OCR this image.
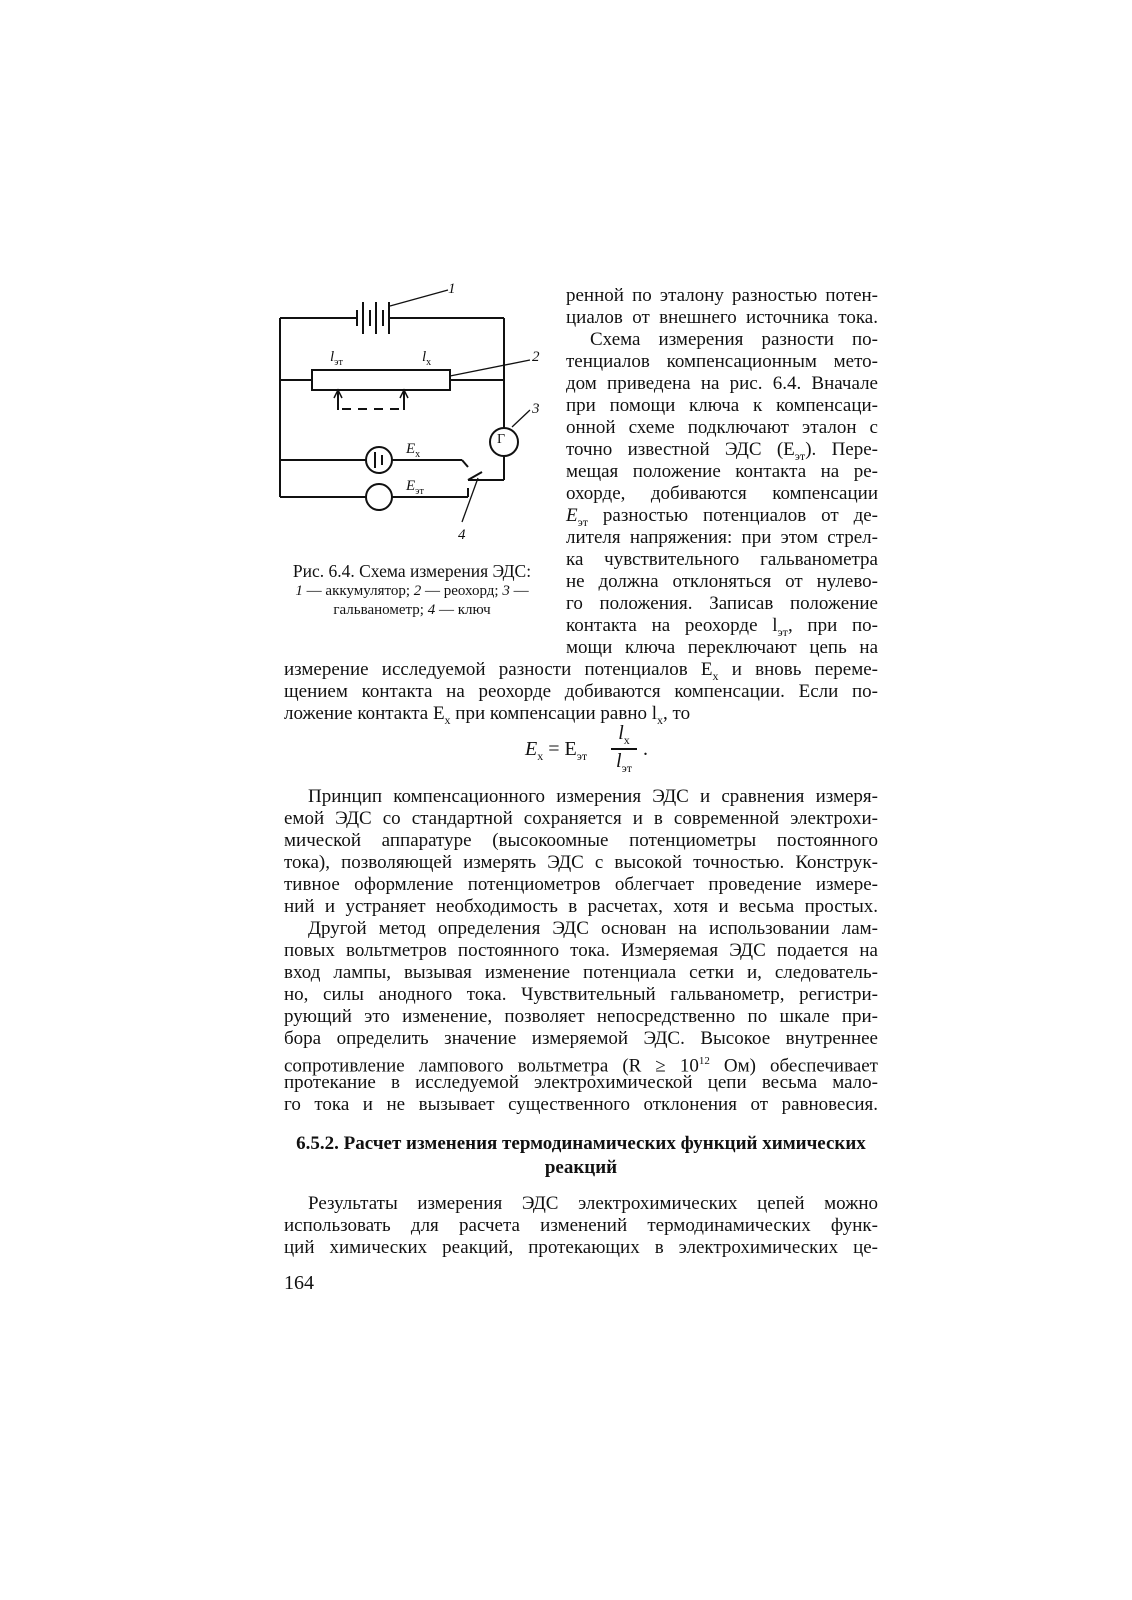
1
2
3
4
$l_{эт}$	$l_x$
$E_x$
$E_{эт}$
Г
Рис. 6.4. Схема измерения ЭДС:
1 — аккумулятор; 2 — реохорд; 3 —
гальванометр; 4 — ключ
ренной по эталону разностью потен-
циалов от внешнего источника тока.
Схема измерения разности по-
тенциалов компенсационным мето-
дом приведена на рис. 6.4. Вначале
при помощи ключа к компенсаци-
онной схеме подключают эталон с
точно известной ЭДС $(E_{эт})$. Пере-
мещая положение контакта на ре-
охорде, добиваются компенсации
$E_{эт}$ разностью потенциалов от де-
лителя напряжения: при этом стрел-
ка чувствительного гальванометра
не должна отклоняться от нулево-
го положения. Записав положение
контакта на реохорде $l_{эт}$, при по-
мощи ключа переключают цепь на
измерение исследуемой разности потенциалов $E_x$ и вновь переме-
щением контакта на реохорде добиваются компенсации. Если по-
ложение контакта $E_x$ при компенсации равно $l_x$, то
$E_x = E_{эт}$
$l_x$
$l_{эт}$
.
Принцип компенсационного измерения ЭДС и сравнения измеря-
емой ЭДС со стандартной сохраняется и в современной электрохи-
мической аппаратуре (высокоомные потенциометры постоянного
тока), позволяющей измерять ЭДС с высокой точностью. Конструк-
тивное оформление потенциометров облегчает проведение измере-
ний и устраняет необходимость в расчетах, хотя и весьма простых.
Другой метод определения ЭДС основан на использовании лам-
повых вольтметров постоянного тока. Измеряемая ЭДС подается на
вход лампы, вызывая изменение потенциала сетки и, следователь-
но, силы анодного тока. Чувствительный гальванометр, регистри-
рующий это изменение, позволяет непосредственно по шкале при-
бора определить значение измеряемой ЭДС. Высокое внутреннее
сопротивление лампового вольтметра ($R \ge 10^{12}$ Ом) обеспечивает
протекание в исследуемой электрохимической цепи весьма мало-
го тока и не вызывает существенного отклонения от равновесия.
6.5.2. Расчет изменения термодинамических функций химических
реакций
Результаты измерения ЭДС электрохимических цепей можно
использовать для расчета изменений термодинамических функ-
ций химических реакций, протекающих в электрохимических це-
164
